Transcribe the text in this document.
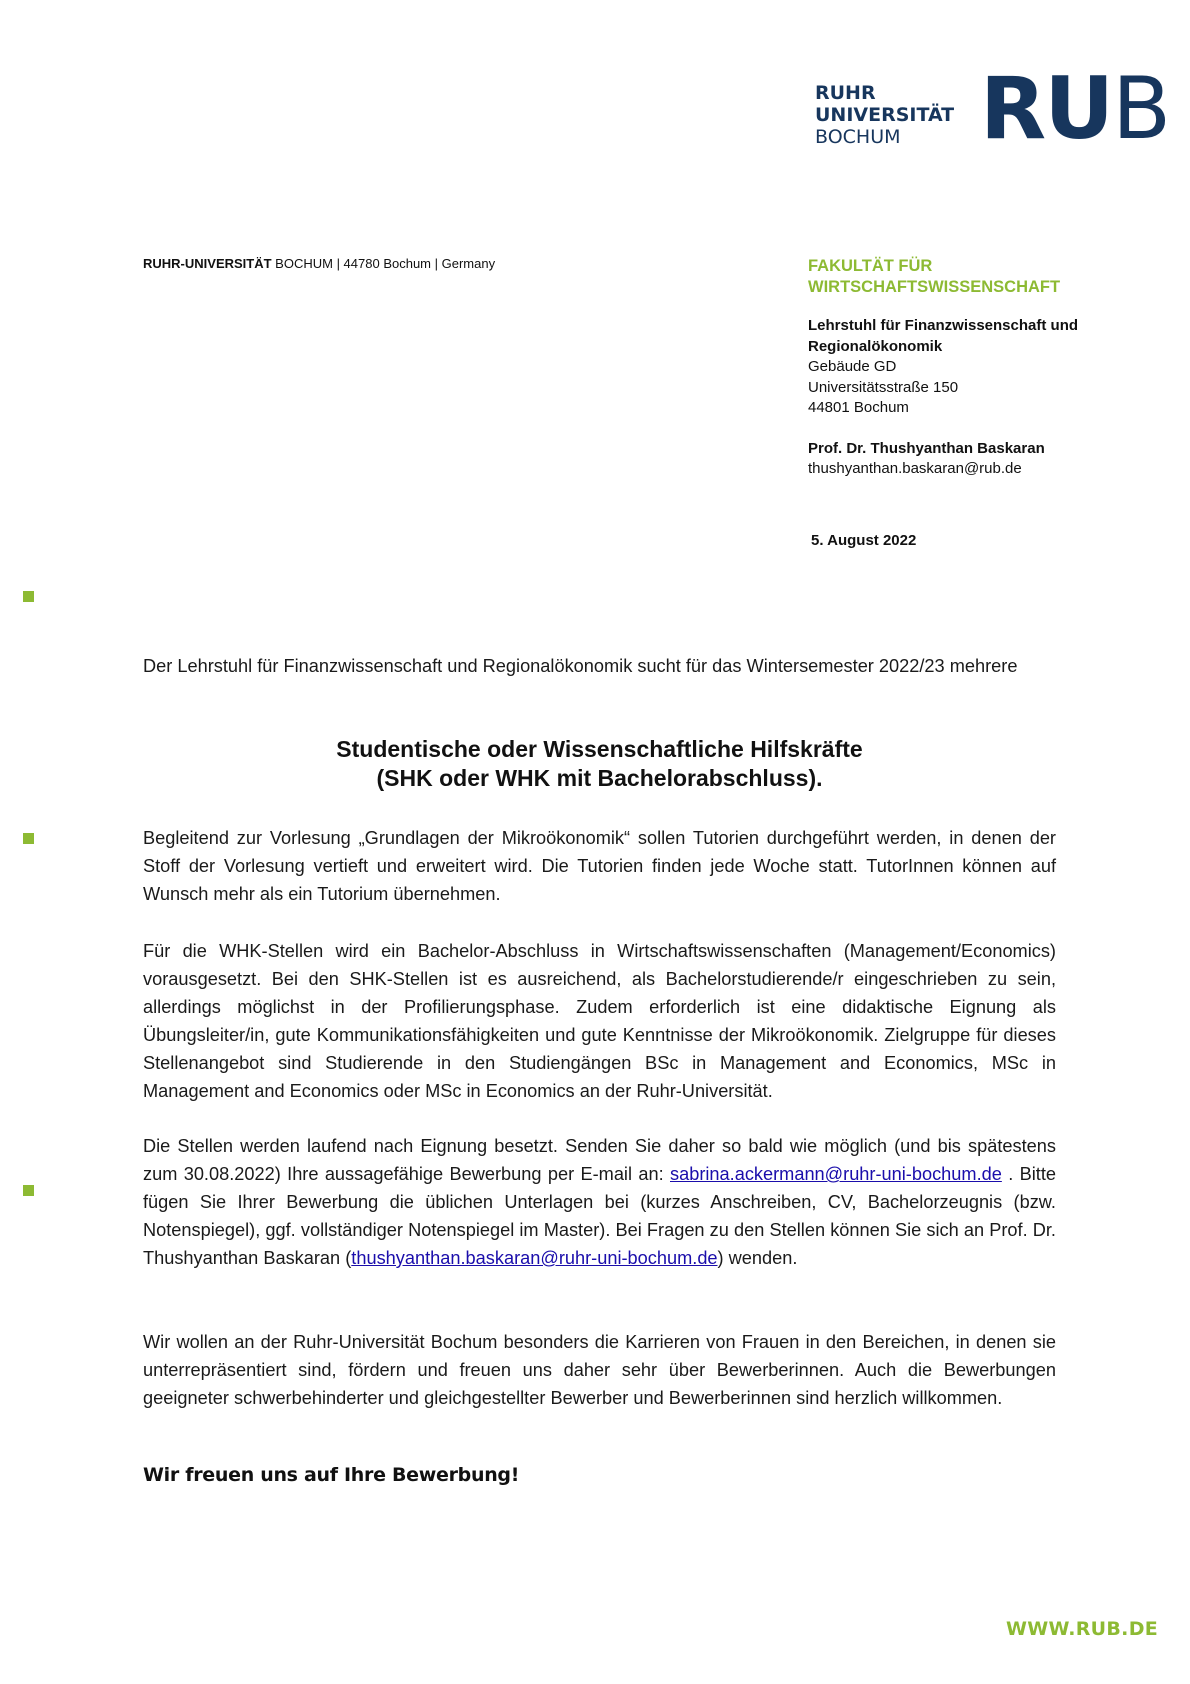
RUHR
UNIVERSITÄT
BOCHUM RUB
RUHR-UNIVERSITÄT BOCHUM | 44780 Bochum | Germany	FAKULTÄT FÜR
WIRTSCHAFTSWISSENSCHAFT
Lehrstuhl für Finanzwissenschaft und
Regionalökonomik
Gebäude GD
Universitätsstraße 150
44801 Bochum
Prof. Dr. Thushyanthan Baskaran
thushyanthan.baskaran@rub.de
5. August 2022
Der Lehrstuhl für Finanzwissenschaft und Regionalökonomik sucht für das Wintersemester 2022/23 mehrere
Studentische oder Wissenschaftliche Hilfskräfte
(SHK oder WHK mit Bachelorabschluss).
Begleitend zur Vorlesung „Grundlagen der Mikroökonomik“ sollen Tutorien durchgeführt werden, in denen der Stoff der Vorlesung vertieft und erweitert wird. Die Tutorien finden jede Woche statt. TutorInnen können auf Wunsch mehr als ein Tutorium übernehmen.
Für die WHK-Stellen wird ein Bachelor-Abschluss in Wirtschaftswissenschaften (Management/Economics) vorausgesetzt. Bei den SHK-Stellen ist es ausreichend, als Bachelorstudierende/r eingeschrieben zu sein, allerdings möglichst in der Profilierungsphase. Zudem erforderlich ist eine didaktische Eignung als Übungsleiter/in, gute Kommunikationsfähigkeiten und gute Kenntnisse der Mikroökonomik. Zielgruppe für dieses Stellenangebot sind Studierende in den Studiengängen BSc in Management and Economics, MSc in Management and Economics oder MSc in Economics an der Ruhr-Universität.
Die Stellen werden laufend nach Eignung besetzt. Senden Sie daher so bald wie möglich (und bis spätestens zum 30.08.2022) Ihre aussagefähige Bewerbung per E-mail an: sabrina.ackermann@ruhr-uni-bochum.de . Bitte fügen Sie Ihrer Bewerbung die üblichen Unterlagen bei (kurzes Anschreiben, CV, Bachelorzeugnis (bzw. Notenspiegel), ggf. vollständiger Notenspiegel im Master). Bei Fragen zu den Stellen können Sie sich an Prof. Dr. Thushyanthan Baskaran (thushyanthan.baskaran@ruhr-uni-bochum.de) wenden.
Wir wollen an der Ruhr-Universität Bochum besonders die Karrieren von Frauen in den Bereichen, in denen sie unterrepräsentiert sind, fördern und freuen uns daher sehr über Bewerberinnen. Auch die Bewerbungen geeigneter schwerbehinderter und gleichgestellter Bewerber und Bewerberinnen sind herzlich willkommen.
Wir freuen uns auf Ihre Bewerbung!
WWW.RUB.DE
